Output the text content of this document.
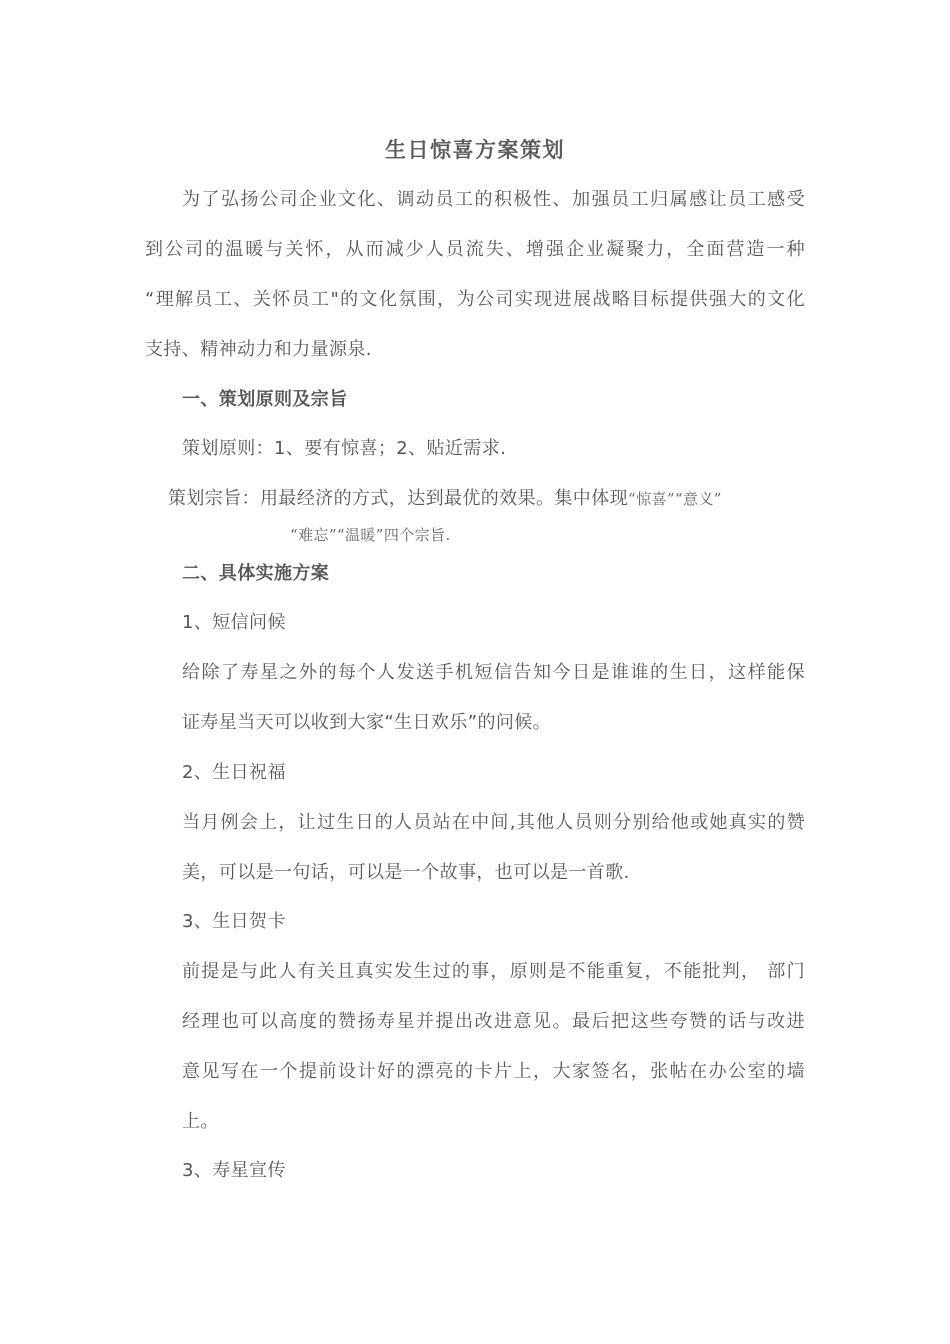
生日惊喜方案策划

为了弘扬公司企业文化、调动员工的积极性、加强员工归属感让员工感受

到公司的温暖与关怀，从而减少人员流失、增强企业凝聚力，全面营造一种

“理解员工、关怀员工"的文化氛围，为公司实现进展战略目标提供强大的文化

支持、精神动力和力量源泉.

一、策划原则及宗旨

策划原则：1、要有惊喜；2、贴近需求.

策划宗旨：用最经济的方式，达到最优的效果。集中体现“惊喜”“意义”

“难忘”“温暖”四个宗旨.

二、具体实施方案

1、短信问候

给除了寿星之外的每个人发送手机短信告知今日是谁谁的生日，这样能保

证寿星当天可以收到大家“生日欢乐”的问候。

2、生日祝福

当月例会上，让过生日的人员站在中间,其他人员则分别给他或她真实的赞

美，可以是一句话，可以是一个故事，也可以是一首歌.

3、生日贺卡

前提是与此人有关且真实发生过的事，原则是不能重复，不能批判， 部门

经理也可以高度的赞扬寿星并提出改进意见。最后把这些夸赞的话与改进

意见写在一个提前设计好的漂亮的卡片上，大家签名，张帖在办公室的墙

上。

3、寿星宣传
